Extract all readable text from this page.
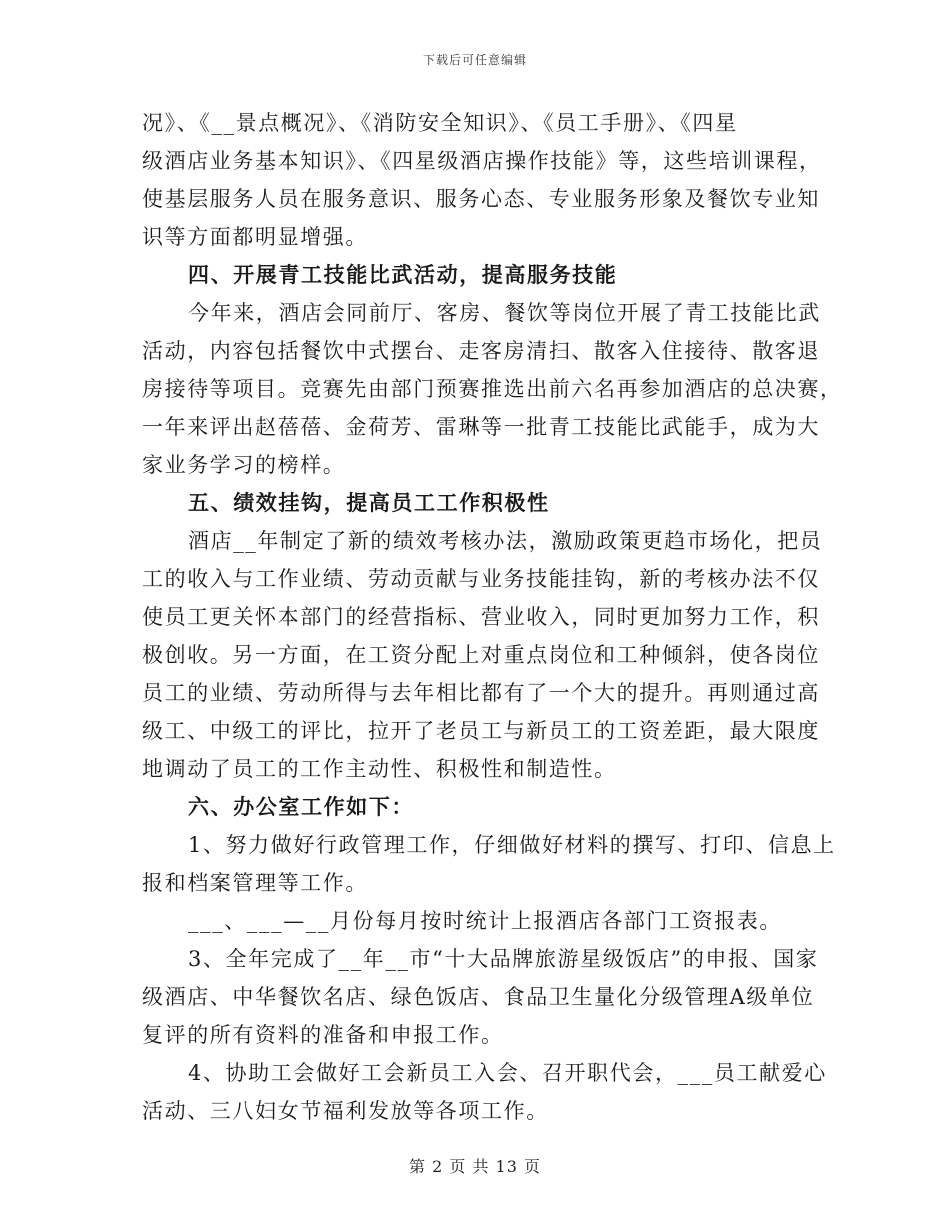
下载后可任意编辑

况》、《__景点概况》、《消防安全知识》、《员工手册》、《四星
级酒店业务基本知识》、《四星级酒店操作技能》等，这些培训课程，
使基层服务人员在服务意识、服务心态、专业服务形象及餐饮专业知
识等方面都明显增强。

四、开展青工技能比武活动，提高服务技能

今年来，酒店会同前厅、客房、餐饮等岗位开展了青工技能比武
活动，内容包括餐饮中式摆台、走客房清扫、散客入住接待、散客退
房接待等项目。竞赛先由部门预赛推选出前六名再参加酒店的总决赛，
一年来评出赵蓓蓓、金荷芳、雷琳等一批青工技能比武能手，成为大
家业务学习的榜样。

五、绩效挂钩，提高员工工作积极性

酒店__年制定了新的绩效考核办法，激励政策更趋市场化，把员
工的收入与工作业绩、劳动贡献与业务技能挂钩，新的考核办法不仅
使员工更关怀本部门的经营指标、营业收入，同时更加努力工作，积
极创收。另一方面，在工资分配上对重点岗位和工种倾斜，使各岗位
员工的业绩、劳动所得与去年相比都有了一个大的提升。再则通过高
级工、中级工的评比，拉开了老员工与新员工的工资差距，最大限度
地调动了员工的工作主动性、积极性和制造性。

六、办公室工作如下：

1、努力做好行政管理工作，仔细做好材料的撰写、打印、信息上
报和档案管理等工作。

___、___—__月份每月按时统计上报酒店各部门工资报表。

3、全年完成了__年__市“十大品牌旅游星级饭店”的申报、国家
级酒店、中华餐饮名店、绿色饭店、食品卫生量化分级管理A级单位
复评的所有资料的准备和申报工作。

4、协助工会做好工会新员工入会、召开职代会，___员工献爱心
活动、三八妇女节福利发放等各项工作。

第 2 页 共 13 页
